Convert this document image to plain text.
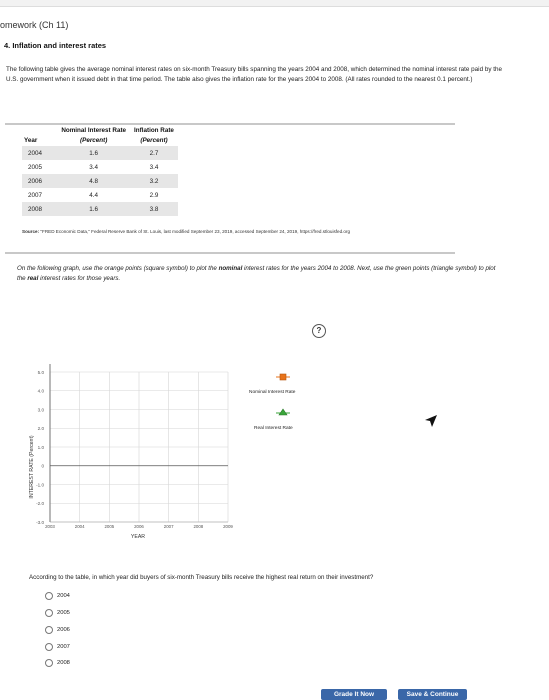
omework (Ch 11)
4. Inflation and interest rates
The following table gives the average nominal interest rates on six-month Treasury bills spanning the years 2004 and 2008, which determined the nominal interest rate paid by the U.S. government when it issued debt in that time period. The table also gives the inflation rate for the years 2004 to 2008. (All rates rounded to the nearest 0.1 percent.)
Year	Nominal Interest Rate	Inflation Rate
	(Percent)	(Percent)
2004	1.6	2.7
2005	3.4	3.4
2006	4.8	3.2
2007	4.4	2.9
2008	1.6	3.8
Source: "FRED Economic Data," Federal Reserve Bank of St. Louis, last modified September 23, 2019, accessed September 24, 2019, https://fred.stlouisfed.org
On the following graph, use the orange points (square symbol) to plot the nominal interest rates for the years 2004 to 2008. Next, use the green points (triangle symbol) to plot the real interest rates for those years.
?
5.0
4.0
3.0
2.0
1.0
0
-1.0
-2.0
-3.0
2003	2004	2005	2006	2007	2008	2009
INTEREST RATE (Percent)
YEAR
Nominal Interest Rate
Real Interest Rate
According to the table, in which year did buyers of six-month Treasury bills receive the highest real return on their investment?
2004
2005
2006
2007
2008
Grade It Now	Save & Continue
